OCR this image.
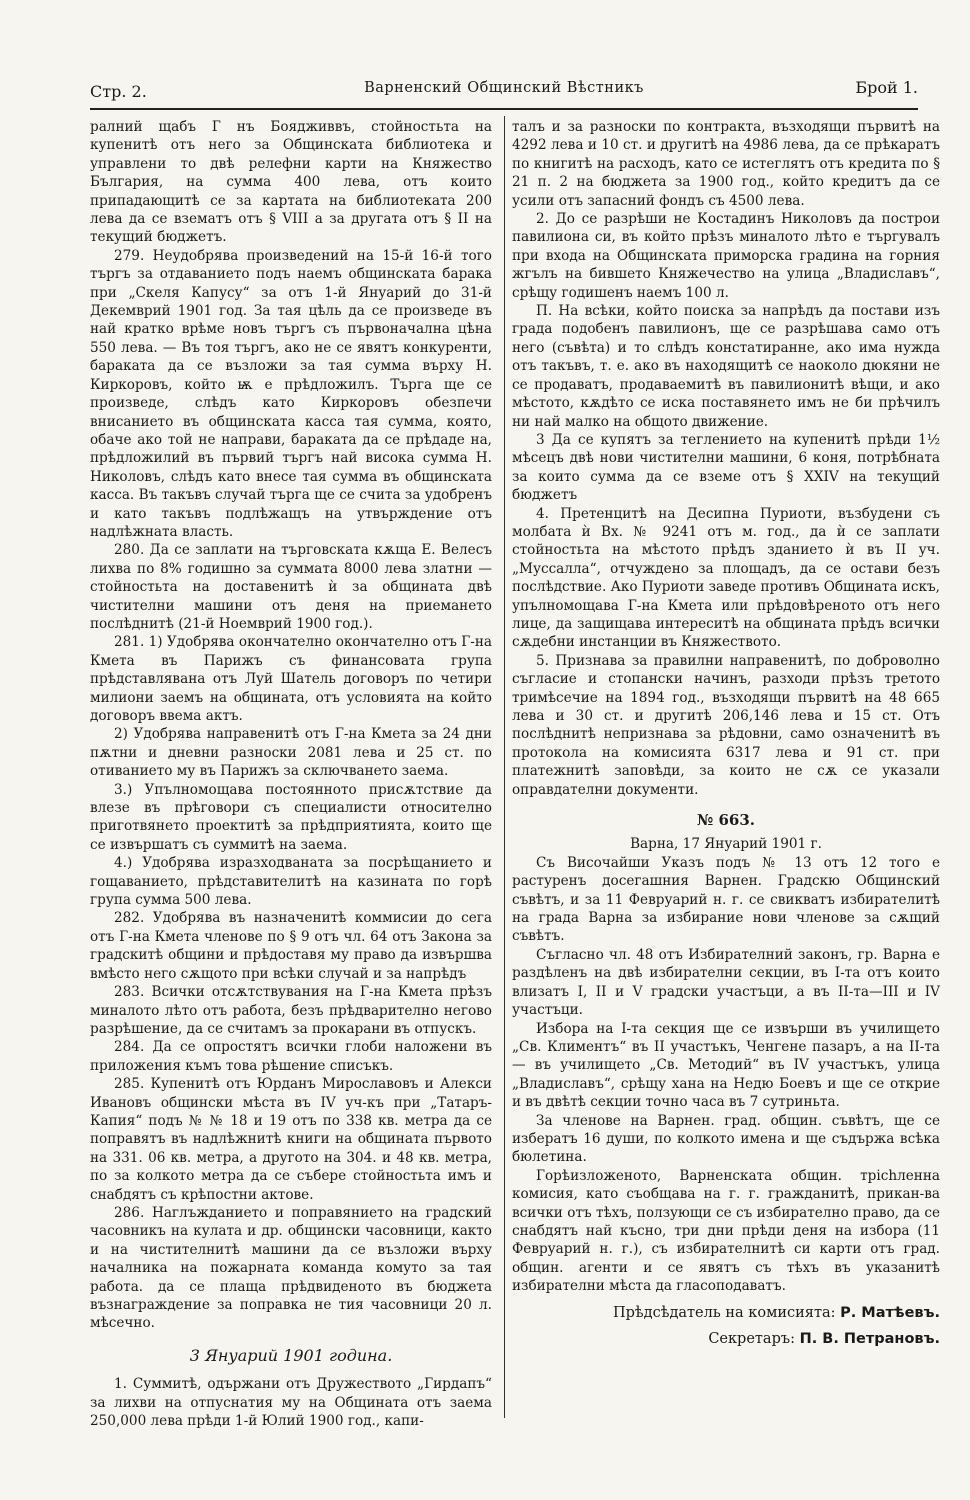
Стр. 2.	Варненский Общинский Вѣстникъ	Брой 1.

ралний щабъ Г нъ Боядживвъ, стойностьта на купенитѣ отъ него за Общинската библиотека и управлени то двѣ релефни карти на Княжество България, на сумма 400 лева, отъ които припадающитѣ се за картата на библиотеката 200 лева да се взематъ отъ § VIII а за другата отъ § II на текущий бюджетъ.

279. Неудобрява произведений на 15-й 16-й того търгъ за отдаванието подъ наемъ общинската барака при „Скеля Капусу“ за отъ 1-й Януарий до 31-й Декемврий 1901 год. За тая цѣль да се произведе въ най кратко врѣме новъ търгъ съ първоначална цѣна 550 лева. — Въ тоя търгъ, ако не се явятъ конкуренти, бараката да се възложи за тая сумма върху Н. Киркоровъ, който ѭ е прѣдложилъ. Търга ще се произведе, слѣдъ като Киркоровъ обезпечи внисанието въ общинската касса тая сумма, която, обаче ако той не направи, бараката да се прѣдаде на, прѣдложилий въ първий търгъ най висока сумма Н. Николовъ, слѣдъ като внесе тая сумма въ общинската касса. Въ такъвъ случай търга ще се счита за удобренъ и като такъвъ подлѣжащъ на утвърждение отъ надлѣжната власть.

280. Да се заплати на търговската кѫща Е. Велесъ лихва по 8% годишно за суммата 8000 лева златни — стойностьта на доставенитѣ ѝ за общината двѣ чистителни машини отъ деня на приемането послѣднитѣ (21-й Ноемврий 1900 год.).

281. 1) Удобрява окончателно окончателно отъ Г-на Кмета въ Парижъ съ финансовата група прѣдставлявана отъ Луй Шатель договоръ по четири милиони заемъ на общината, отъ условията на който договоръ ввема актъ.

2) Удобрява направенитѣ отъ Г-на Кмета за 24 дни пѫтни и дневни разноски 2081 лева и 25 ст. по отиванието му въ Парижъ за сключването заема.

3.) Упълномощава постоянното присѫтствие да влезе въ прѣговори съ специалисти относително приготвянето проектитѣ за прѣдприятията, които ще се извършатъ съ суммитѣ на заема.

4.) Удобрява изразходваната за посрѣщанието и гощаванието, прѣдставителитѣ на казината по горѣ група сумма 500 лева.

282. Удобрява въ назначенитѣ коммисии до сега отъ Г-на Кмета членове по § 9 отъ чл. 64 отъ Закона за градскитѣ общини и прѣдоставя му право да извършва вмѣсто него сѫщото при всѣки случай и за напрѣдъ

283. Всички отсѫтствувания на Г-на Кмета прѣзъ миналото лѣто отъ работа, безъ прѣдварително негово разрѣшение, да се считамъ за прокарани въ отпускъ.

284. Да се опростятъ всички глоби наложени въ приложения къмъ това рѣшение списъкъ.

285. Купенитѣ отъ Юрданъ Мирославовъ и Алекси Ивановъ общински мѣста въ IV уч-къ при „Татаръ-Капия“ подъ № № 18 и 19 отъ по 338 кв. метра да се поправятъ въ надлѣжнитѣ книги на общината първото на 331. 06 кв. метра, а другото на 304. и 48 кв. метра, по за колкото метра да се събере стойностьта имъ и снабдятъ съ крѣпостни актове.

286. Наглъжданието и поправянието на градский часовникъ на кулата и др. общински часовници, както и на чистителнитѣ машини да се възложи върху началника на пожарната команда комуто за тая работа. да се плаща прѣдвиденото въ бюджета възнаграждение за поправка не тия часовници 20 л. мѣсечно.

3 Януарий 1901 година.

1. Суммитѣ, одържани отъ Дружеството „Гирдапъ“ за лихви на отпуснатия му на Общината отъ заема 250,000 лева прѣди 1-й Юлий 1900 год., капи-

талъ и за разноски по контракта, възходящи първитѣ на 4292 лева и 10 ст. и другитѣ на 4986 лева, да се прѣкаратъ по книгитѣ на расходъ, като се истеглятъ отъ кредита по § 21 п. 2 на бюджета за 1900 год., който кредитъ да се усили отъ запасний фондъ съ 4500 лева.

2. До се разрѣши не Костадинъ Николовъ да построи павилиона си, въ който прѣзъ миналото лѣто е търгувалъ при входа на Общинската приморска градина на горния жгълъ на бившето Княжечество на улица „Владиславъ“, срѣщу годишенъ наемъ 100 л.

П. На всѣки, който поиска за напрѣдъ да постави изъ града подобенъ павилионъ, ще се разрѣшава само отъ него (съвѣта) и то слѣдъ констатиранне, ако има нужда отъ такъвъ, т. е. ако въ находящитѣ се наоколо дюкяни не се продаватъ, продаваемитѣ въ павилионитѣ вѣщи, и ако мѣстото, кѫдѣто се иска поставянето имъ не би прѣчилъ ни най малко на общото движение.

3 Да се купятъ за теглението на купенитѣ прѣди 1½ мѣсецъ двѣ нови чистителни машини, 6 коня, потрѣбната за които сумма да се вземе отъ § XXIV на текущий бюджетъ

4. Претенцитѣ на Десипна Пуриоти, възбудени съ молбата ѝ Вх. № 9241 отъ м. год., да ѝ се заплати стойностьта на мѣстото прѣдъ зданието ѝ въ II уч. „Муссалла“, отчуждено за площадъ, да се остави безъ послѣдствие. Ако Пуриоти заведе противъ Общината искъ, упълномощава Г-на Кмета или прѣдовѣреното отъ него лице, да защищава интереситѣ на общината прѣдъ всички сѫдебни инстанции въ Княжеството.

5. Признава за правилни направенитѣ, по доброволно съгласие и стопански начинъ, разходи прѣзъ третото тримѣсечие на 1894 год., възходящи първитѣ на 48 665 лева и 30 ст. и другитѣ 206,146 лева и 15 ст. Отъ послѣднитѣ непризнава за рѣдовни, само означенитѣ въ протокола на комисията 6317 лева и 91 ст. при платежнитѣ заповѣди, за които не сѫ се указали оправдателни документи.

№ 663.

Варна, 17 Януарий 1901 г.

Съ Височайши Указъ подъ № 13 отъ 12 того е растуренъ досегашния Варнен. Градскю Общинский съвѣтъ, и за 11 Февруарий н. г. се свикватъ избирателитѣ на града Варна за избирание нови членове за сѫщий съвѣтъ.

Съгласно чл. 48 отъ Избирателний законъ, гр. Варна е раздѣленъ на двѣ избирателни секции, въ I-та отъ които влизатъ I, II и V градски участъци, а въ II-та—III и IV участъци.

Избора на I-та секция ще се извърши въ училището „Св. Климентъ“ въ II участъкъ, Ченгене пазаръ, а на II-та — въ училището „Св. Методий“ въ IV участъкъ, улица „Владиславъ“, срѣщу хана на Недю Боевъ и ще се открие и въ двѣтѣ секции точно часа въ 7 сутриньта.

За членове на Варнен. град. общин. съвѣтъ, ще се избератъ 16 души, по колкото имена и ще съдържа всѣка бюлетина.

Горѣизложеното, Варненската общин. трichленна комисия, като съобщава на г. г. гражданитѣ, прикан-ва всички отъ тѣхъ, ползующи се съ избирателно право, да се снабдятъ най късно, три дни прѣди деня на избора (11 Февруарий н. г.), съ избирателнитѣ си карти отъ град. общин. агенти и се явятъ съ тѣхъ въ указанитѣ избирателни мѣста да гласоподаватъ.

Прѣдсѣдатель на комисията: Р. Матѣевъ.

Секретаръ: П. В. Петрановъ.
